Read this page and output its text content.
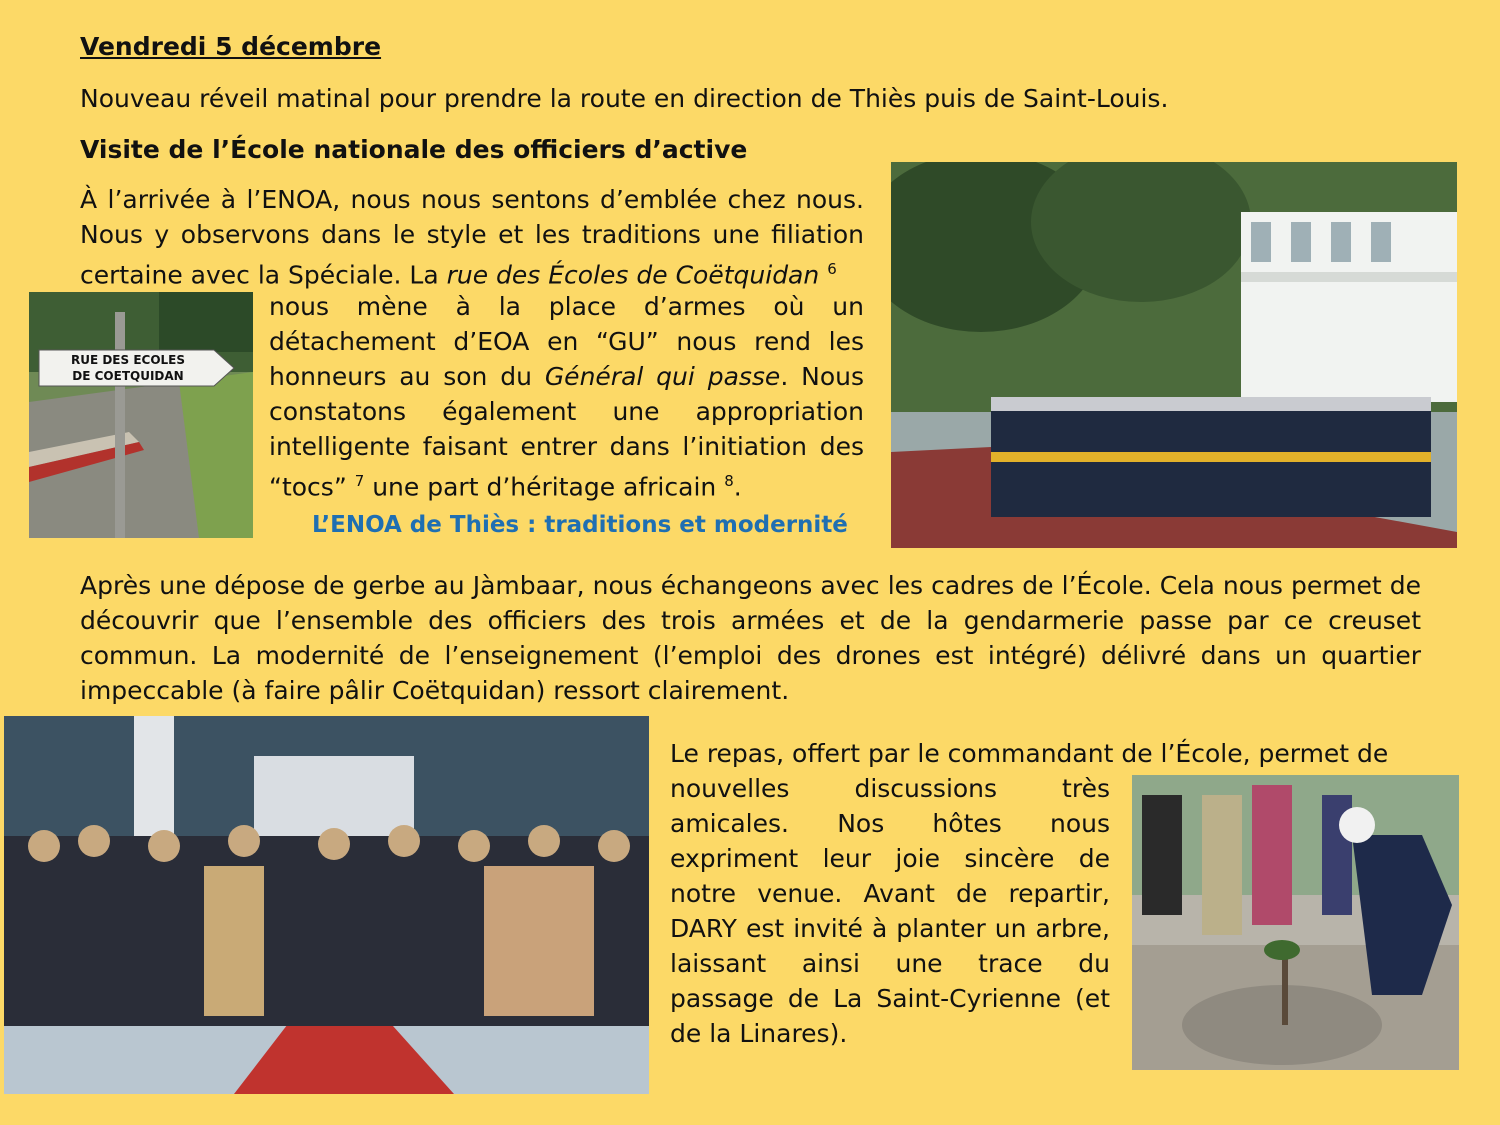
Vendredi 5 décembre
Nouveau réveil matinal pour prendre la route en direction de Thiès puis de Saint-Louis.
Visite de l’École nationale des officiers d’active

À l’arrivée à l’ENOA, nous nous sentons d’emblée chez nous. Nous y observons dans le style et les traditions une filiation certaine avec la Spéciale. La rue des Écoles de Coëtquidan $^6$

nous mène à la place d’armes où un détachement d’EOA en “GU” nous rend les honneurs au son du Général qui passe. Nous constatons également une appropriation intelligente faisant entrer dans l’initiation des “tocs” $^7$ une part d’héritage africain $^8$.

RUE DES ECOLES
DE COETQUIDAN
L’ENOA de Thiès : traditions et modernité

Après une dépose de gerbe au Jàmbaar, nous échangeons avec les cadres de l’École. Cela nous permet de découvrir que l’ensemble des officiers des trois armées et de la gendarmerie passe par ce creuset commun. La modernité de l’enseignement (l’emploi des drones est intégré) délivré dans un quartier impeccable (à faire pâlir Coëtquidan) ressort clairement.

Le repas, offert par le commandant de l’École, permet de

nouvelles discussions très amicales. Nos hôtes nous expriment leur joie sincère de notre venue. Avant de repartir, DARY est invité à planter un arbre, laissant ainsi une trace du passage de La Saint-Cyrienne (et de la Linares).
